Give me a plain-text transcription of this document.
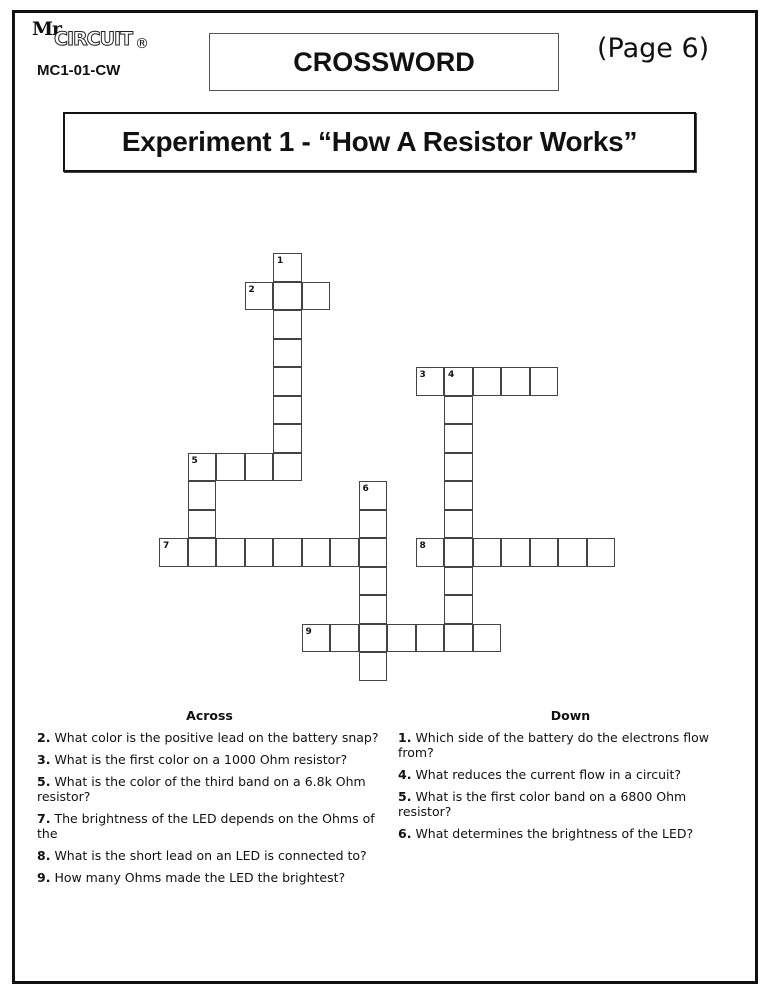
Mr
CIRCUIT ®
MC1-01-CW	CROSSWORD	(Page 6)
Experiment 1 - “How A Resistor Works”
1
2
3 4
5
6
7	8
9
Across
2. What color is the positive lead on the battery snap?
3. What is the first color on a 1000 Ohm resistor?
5. What is the color of the third band on a 6.8k Ohm resistor?
7. The brightness of the LED depends on the Ohms of the
8. What is the short lead on an LED is connected to?
9. How many Ohms made the LED the brightest?
Down
1. Which side of the battery do the electrons flow from?
4. What reduces the current flow in a circuit?
5. What is the first color band on a 6800 Ohm resistor?
6. What determines the brightness of the LED?
